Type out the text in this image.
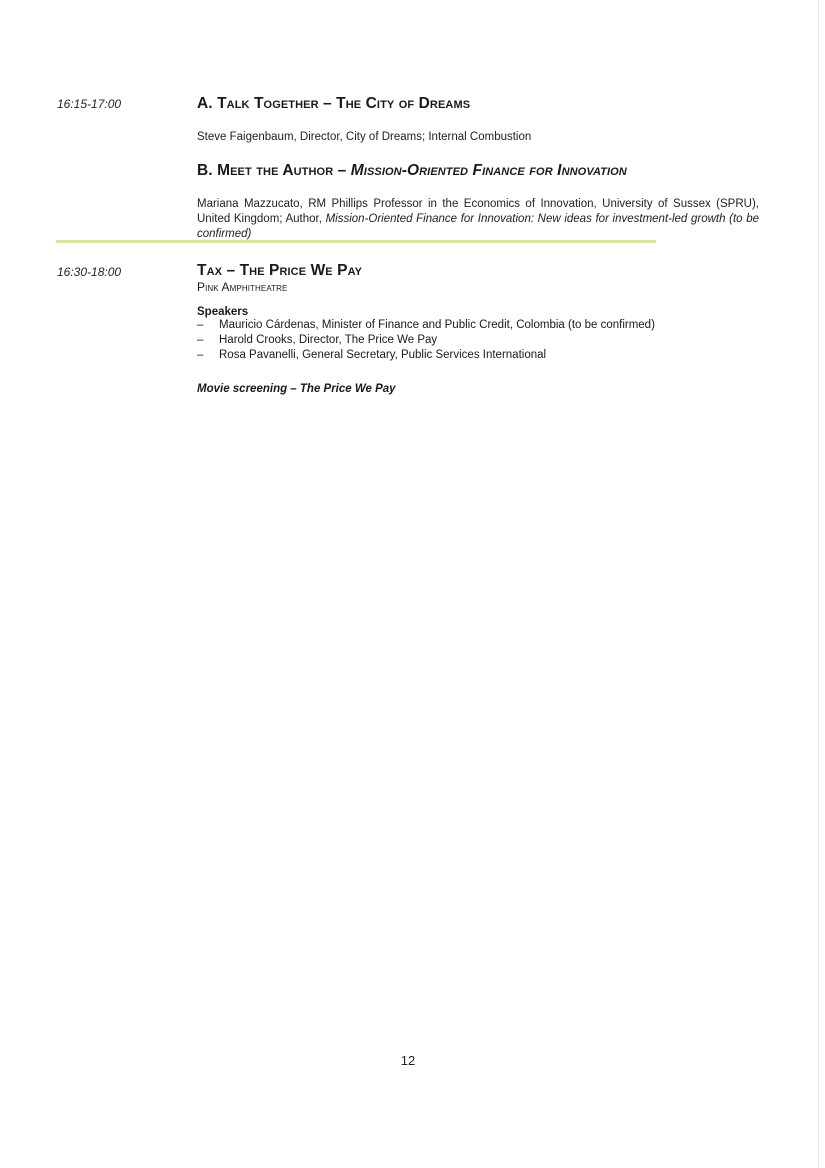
16:15-17:00	A. Talk Together – The City of Dreams

Steve Faigenbaum, Director, City of Dreams; Internal Combustion

B. Meet the Author – Mission-Oriented Finance for Innovation

Mariana Mazzucato, RM Phillips Professor in the Economics of Innovation, University of Sussex (SPRU), United Kingdom; Author, Mission-Oriented Finance for Innovation: New ideas for investment-led growth (to be confirmed)

16:30-18:00	Tax – The Price We Pay

Pink Amphitheatre

Speakers

– Mauricio Cárdenas, Minister of Finance and Public Credit, Colombia (to be confirmed)
– Harold Crooks, Director, The Price We Pay
– Rosa Pavanelli, General Secretary, Public Services International

Movie screening – The Price We Pay

12
